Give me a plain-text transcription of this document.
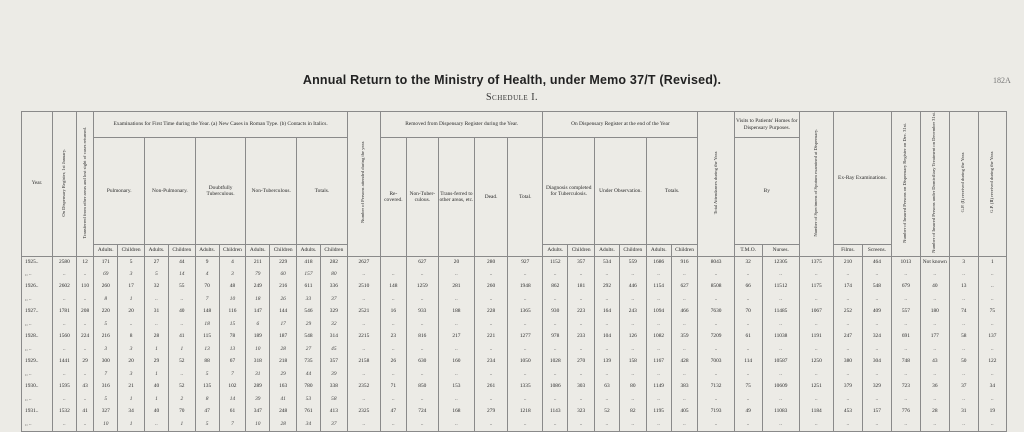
182A
Annual Return to the Ministry of Health, under Memo 37/T (Revised).
Schedule I.
Year.	On Dispensary Register, 1st January.	Transferred from other areas and lost sight of cases returned.	Examinations for First Time during the Year. (a) New Cases in Roman Type. (b) Contacts in Italics.										Number of Persons attended during the year.	Removed from Dispensary Register during the Year.					On Dispensary Register at the end of the Year						Total Attendances during the Year.	Visits to Patients' Homes for Dispensary Purposes.		Number of Specimens of Sputum examined at Dispensary.	Ex-Ray Examinations.		Number of Insured Persons on Dispensary Register on Dec. 31st.	Number of Insured Persons under Domiciliary Treatment on December 31st.	G.P. (I) received during the Year.	G.P. (II) received during the Year.
			Pulmonary.		Non-Pulmonary.		Doubtfully Tuberculous.		Non-Tuberculous.		Totals.			Re-covered.	Non-Tuber-culous.	Trans-ferred to other areas, etc.	Dead.	Total.	Diagnosis completed for Tuberculosis.		Under Observation.		Totals.			By								
			Adults.	Children	Adults.	Children	Adults.	Children	Adults.	Children	Adults.	Children							Adults.	Children	Adults.	Children	Adults.	Children		T.M.O.	Nurses.		Films.	Screens.				
1925..	2580	12	171	5	27	44	9	4	211	229	418	282	2627		627	20	280	927	1152	357	534	559	1686	916	8043	32	12305	1375	210	464	1013	Not known	3	1
,, ..	..	..	69	3	5	14	4	3	79	60	157	80	..	..	..	..	..	..	..	..	..	..	..	..	..	..	..	..	..	..	..	..	..	..
1926..	2602	110	260	17	32	55	70	48	249	216	611	336	2510	148	1259	281	260	1948	862	181	292	446	1154	627	8508	66	11512	1175	174	548	679	40	13	..
,, ..	..	..	8	1	..	..	7	10	18	26	33	37	..	..	..	..	..	..	..	..	..	..	..	..	..	..	..	..	..	..	..	..	..	..
1927..	1781	208	220	20	31	40	148	116	147	144	546	329	2521	16	933	188	228	1365	930	223	164	243	1094	466	7630	70	11485	1067	252	409	557	180	74	75
,, ..	..	..	5	..	..	..	18	15	6	17	29	32	..	..	..	..	..	..	..	..	..	..	..	..	..	..	..	..	..	..	..	..	..	..
1928..	1560	224	216	8	28	41	115	78	189	187	548	314	2215	23	816	217	221	1277	978	233	104	126	1082	359	7209	61	11038	1191	247	324	691	177	58	137
,, ..	..	..	3	3	1	1	13	13	10	28	27	45	..	..	..	..	..	..	..	..	..	..	..	..	..	..	..	..	..	..	..	..	..	..
1929..	1441	29	300	20	29	52	88	67	318	218	735	357	2158	26	630	160	234	1050	1028	270	139	158	1167	428	7003	114	10587	1250	380	304	748	43	50	122
,, ..	..	..	7	3	1	..	5	7	31	29	44	39	..	..	..	..	..	..	..	..	..	..	..	..	..	..	..	..	..	..	..	..	..	..
1930..	1595	43	316	21	40	52	135	102	289	163	780	338	2352	71	850	153	261	1335	1086	303	63	80	1149	383	7132	75	10609	1251	379	329	723	36	37	34
,, ..	..	..	5	1	1	2	8	14	39	41	53	58	..	..	..	..	..	..	..	..	..	..	..	..	..	..	..	..	..	..	..	..	..	..
1931..	1532	41	327	34	40	70	47	61	347	248	761	413	2325	47	724	168	279	1218	1143	323	52	82	1195	405	7193	49	11083	1184	453	157	776	28	31	19
,, ..	..	..	10	1	..	1	5	7	10	28	34	37	..	..	..	..	..	..	..	..	..	..	..	..	..	..	..	..	..	..	..	..	..	..
